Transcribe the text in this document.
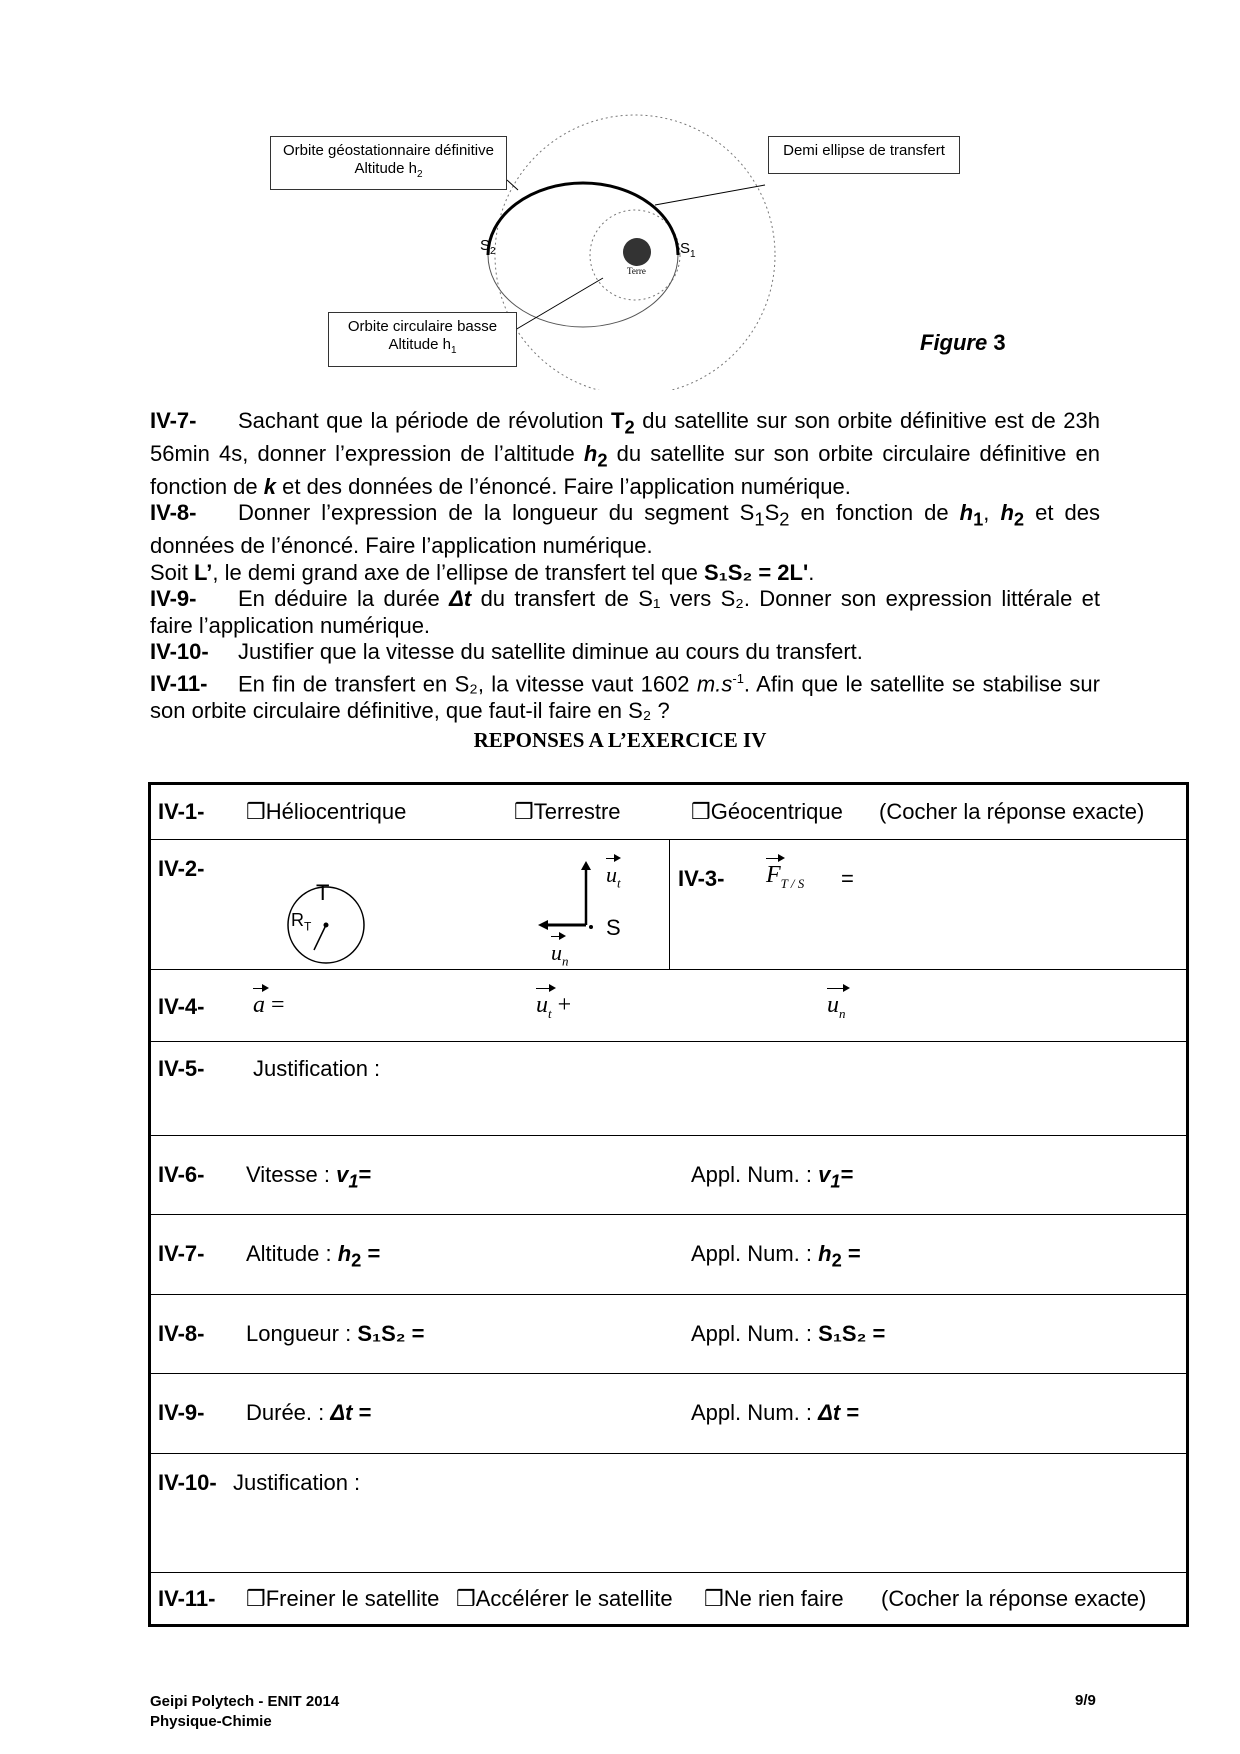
Orbite géostationnaire définitive
Altitude $h_2$
Demi ellipse de transfert
Orbite circulaire basse
Altitude $h_1$
$S_2$	$S_1$
Terre
Figure 3

IV-7- Sachant que la période de révolution $T_2$ du satellite sur son orbite définitive est de 23h 56min 4s, donner l’expression de l’altitude $h_2$ du satellite sur son orbite circulaire définitive en fonction de k et des données de l’énoncé. Faire l’application numérique.

IV-8- Donner l’expression de la longueur du segment $S_1S_2$ en fonction de $h_1$, $h_2$ et des données de l’énoncé. Faire l’application numérique.

Soit L’, le demi grand axe de l’ellipse de transfert tel que S₁S₂ = 2L'.

IV-9- En déduire la durée Δt du transfert de S₁ vers S₂. Donner son expression littérale et faire l’application numérique.

IV-10- Justifier que la vitesse du satellite diminue au cours du transfert.

IV-11- En fin de transfert en S₂, la vitesse vaut 1602 $m.s^{-1}$. Afin que le satellite se stabilise sur son orbite circulaire définitive, que faut-il faire en S₂ ?

REPONSES A L’EXERCICE IV
IV-1- ❒Héliocentrique	❒Terrestre	❒Géocentrique (Cocher la réponse exacte)
IV-2-
T
$R_T$
$u_t$
S
$u_n$
IV-3- $F_{T / S}$ =
IV-4- a =	$u_t$ +	$u_n$
IV-5- Justification :
IV-6- Vitesse : $v_1=$	Appl. Num. : $v_1=$
IV-7- Altitude : $h_2$ =	Appl. Num. : $h_2$ =
IV-8- Longueur : S₁S₂ =	Appl. Num. : S₁S₂ =
IV-9- Durée. : Δt =	Appl. Num. : Δt =
IV-10- Justification :
IV-11- ❒Freiner le satellite ❒Accélérer le satellite ❒Ne rien faire (Cocher la réponse exacte)
Geipi Polytech - ENIT 2014
Physique-Chimie
9/9
